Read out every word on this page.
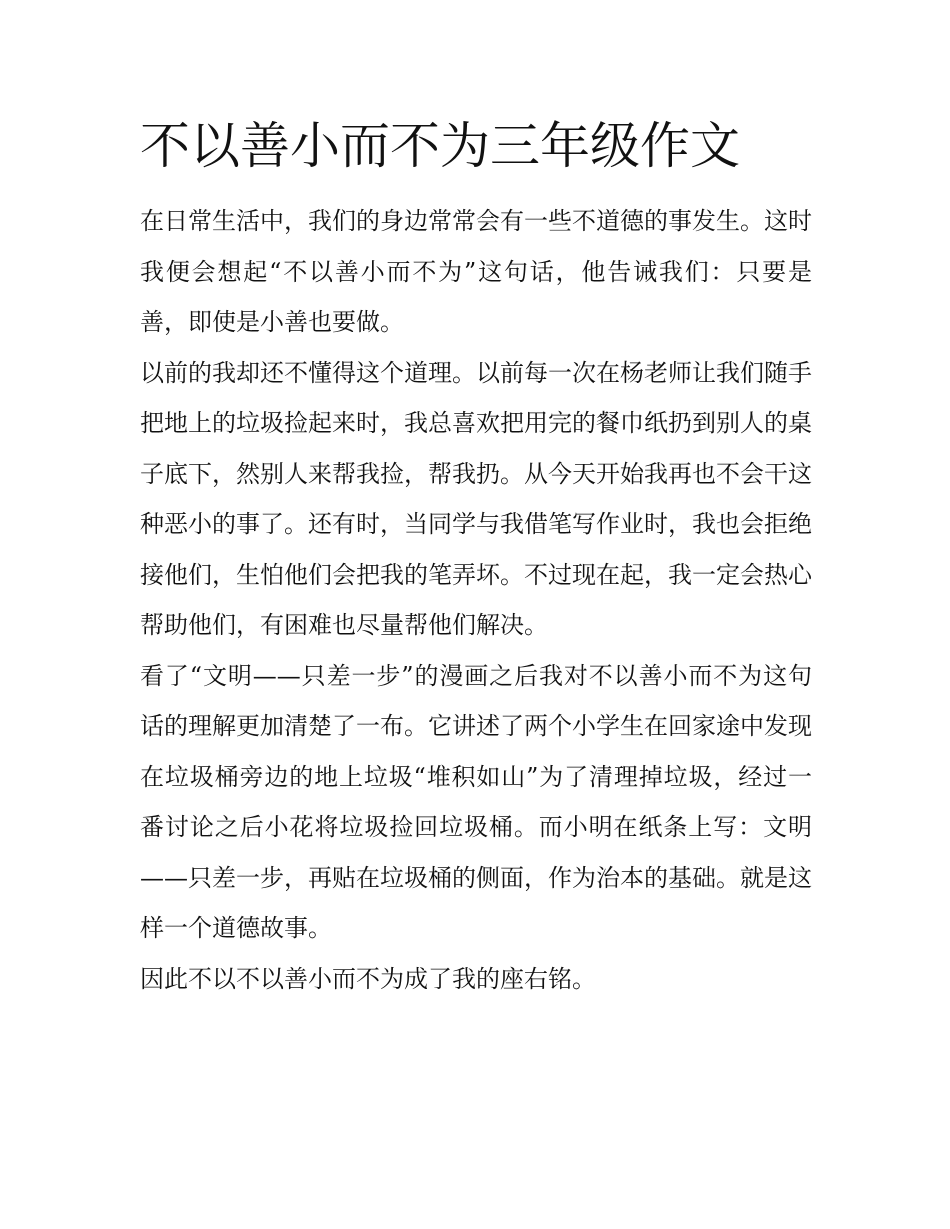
不以善小而不为三年级作文

在日常生活中，我们的身边常常会有一些不道德的事发生。这时我便会想起“不以善小而不为”这句话，他告诫我们：只要是善，即使是小善也要做。

以前的我却还不懂得这个道理。以前每一次在杨老师让我们随手把地上的垃圾捡起来时，我总喜欢把用完的餐巾纸扔到别人的桌子底下，然别人来帮我捡，帮我扔。从今天开始我再也不会干这种恶小的事了。还有时，当同学与我借笔写作业时，我也会拒绝接他们，生怕他们会把我的笔弄坏。不过现在起，我一定会热心帮助他们，有困难也尽量帮他们解决。

看了“文明——只差一步”的漫画之后我对不以善小而不为这句话的理解更加清楚了一布。它讲述了两个小学生在回家途中发现在垃圾桶旁边的地上垃圾“堆积如山”为了清理掉垃圾，经过一番讨论之后小花将垃圾捡回垃圾桶。而小明在纸条上写：文明——只差一步，再贴在垃圾桶的侧面，作为治本的基础。就是这样一个道德故事。

因此不以不以善小而不为成了我的座右铭。
